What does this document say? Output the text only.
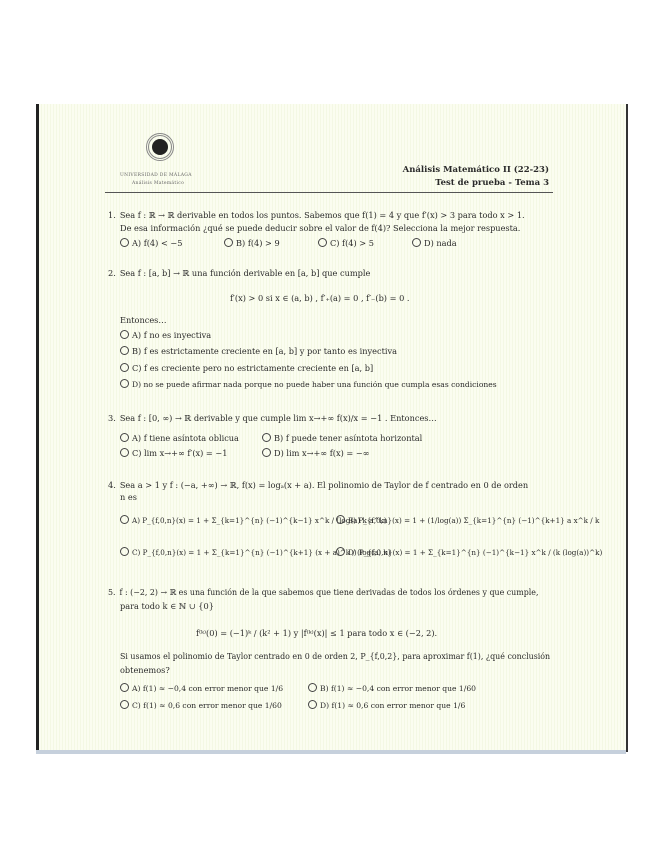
UNIVERSIDAD DE MÁLAGA
Análisis Matemático
Análisis Matemático II (22-23)
Test de prueba - Tema 3
1. Sea f : ℝ → ℝ derivable en todos los puntos. Sabemos que f(1) = 4 y que f′(x) > 3 para todo x > 1.
De esa información ¿qué se puede deducir sobre el valor de f(4)? Selecciona la mejor respuesta.
A) f(4) < −5	B) f(4) > 9	C) f(4) > 5	D) nada
2. Sea f : [a, b] → ℝ una función derivable en [a, b] que cumple
f′(x) > 0 si x ∈ (a, b) , f′₊(a) = 0 , f′₋(b) = 0 .
Entonces…
A) f no es inyectiva
B) f es estrictamente creciente en [a, b] y por tanto es inyectiva
C) f es creciente pero no estrictamente creciente en [a, b]
D) no se puede afirmar nada porque no puede haber una función que cumpla esas condiciones
3. Sea f : [0, ∞) → ℝ derivable y que cumple lim x→+∞ f(x)/x = −1 . Entonces…
A) f tiene asíntota oblicua	B) f puede tener asíntota horizontal
C) lim x→+∞ f′(x) = −1	D) lim x→+∞ f(x) = −∞
4. Sea a > 1 y f : (−a, +∞) → ℝ, f(x) = logₐ(x + a). El polinomio de Taylor de f centrado en 0 de orden
n es
A) P_{f,0,n}(x) = 1 + Σ_{k=1}^{n} (−1)^{k−1} x^k / (log(a) k a^k)
B) P_{f,0,n}(x) = 1 + (1/log(a)) Σ_{k=1}^{n} (−1)^{k+1} a x^k / k
C) P_{f,0,n}(x) = 1 + Σ_{k=1}^{n} (−1)^{k+1} (x + a)^k / (log(a) k)
D) P_{f,0,n}(x) = 1 + Σ_{k=1}^{n} (−1)^{k−1} x^k / (k (log(a))^k)
5. f : (−2, 2) → ℝ es una función de la que sabemos que tiene derivadas de todos los órdenes y que cumple,
para todo k ∈ ℕ ∪ {0}
f⁽ᵏ⁾(0) = (−1)ᵏ / (k² + 1) y |f⁽ᵏ⁾(x)| ≤ 1 para todo x ∈ (−2, 2).
Si usamos el polinomio de Taylor centrado en 0 de orden 2, P_{f,0,2}, para aproximar f(1), ¿qué conclusión
obtenemos?
A) f(1) ≈ −0,4 con error menor que 1/6	B) f(1) ≈ −0,4 con error menor que 1/60
C) f(1) ≈ 0,6 con error menor que 1/60	D) f(1) ≈ 0,6 con error menor que 1/6
